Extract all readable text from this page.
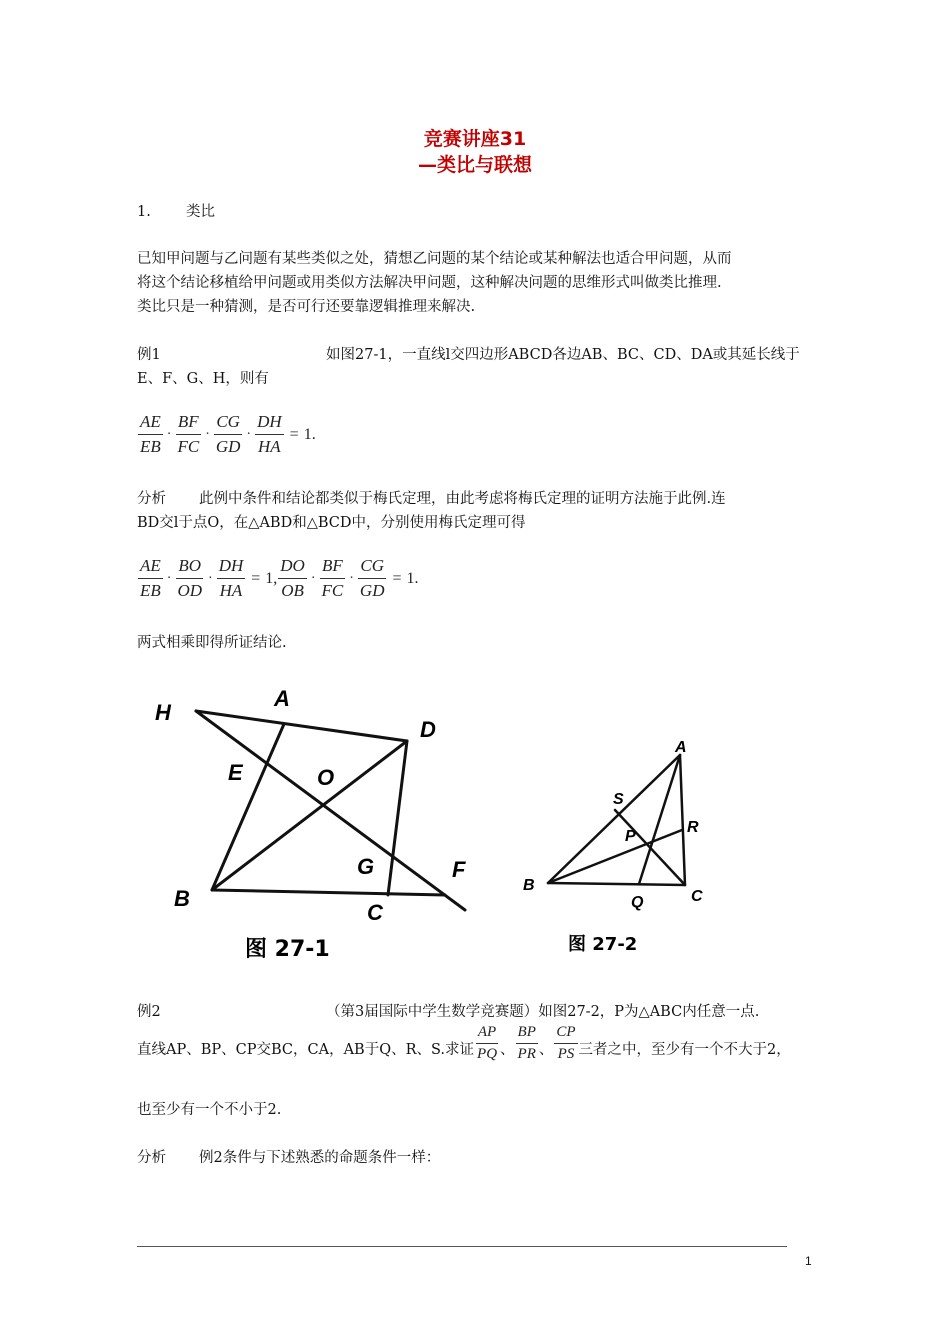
竞赛讲座31
—类比与联想
1. 类比
已知甲问题与乙问题有某些类似之处，猜想乙问题的某个结论或某种解法也适合甲问题，从而
将这个结论移植给甲问题或用类似方法解决甲问题，这种解决问题的思维形式叫做类比推理.
类比只是一种猜测，是否可行还要靠逻辑推理来解决.
例1	如图27-1，一直线l交四边形ABCD各边AB、BC、CD、DA或其延长线于
E、F、G、H，则有
$\frac{AE}{EB} \cdot \frac{BF}{FC} \cdot \frac{CG}{GD} \cdot \frac{DH}{HA} = 1$.
分析 此例中条件和结论都类似于梅氏定理，由此考虑将梅氏定理的证明方法施于此例.连
BD交l于点O，在△ABD和△BCD中，分别使用梅氏定理可得
$\frac{AE}{EB} \cdot \frac{BO}{OD} \cdot \frac{DH}{HA} = 1$, $\frac{DO}{OB} \cdot \frac{BF}{FC} \cdot \frac{CG}{GD} = 1$.
两式相乘即得所证结论.
H
A
D
E	O
G	F
B
C
图 27-1
A
S
R
P
B
Q	C
图 27-2
例2	（第3届国际中学生数学竞赛题）如图27-2，P为△ABC内任意一点.
直线AP、BP、CP交BC，CA，AB于Q、R、S.求证 $\frac{AP}{PQ}$ 、 $\frac{BP}{PR}$ 、 $\frac{CP}{PS}$ 三者之中，至少有一个不大于2，
也至少有一个不小于2.
分析 例2条件与下述熟悉的命题条件一样：
1
